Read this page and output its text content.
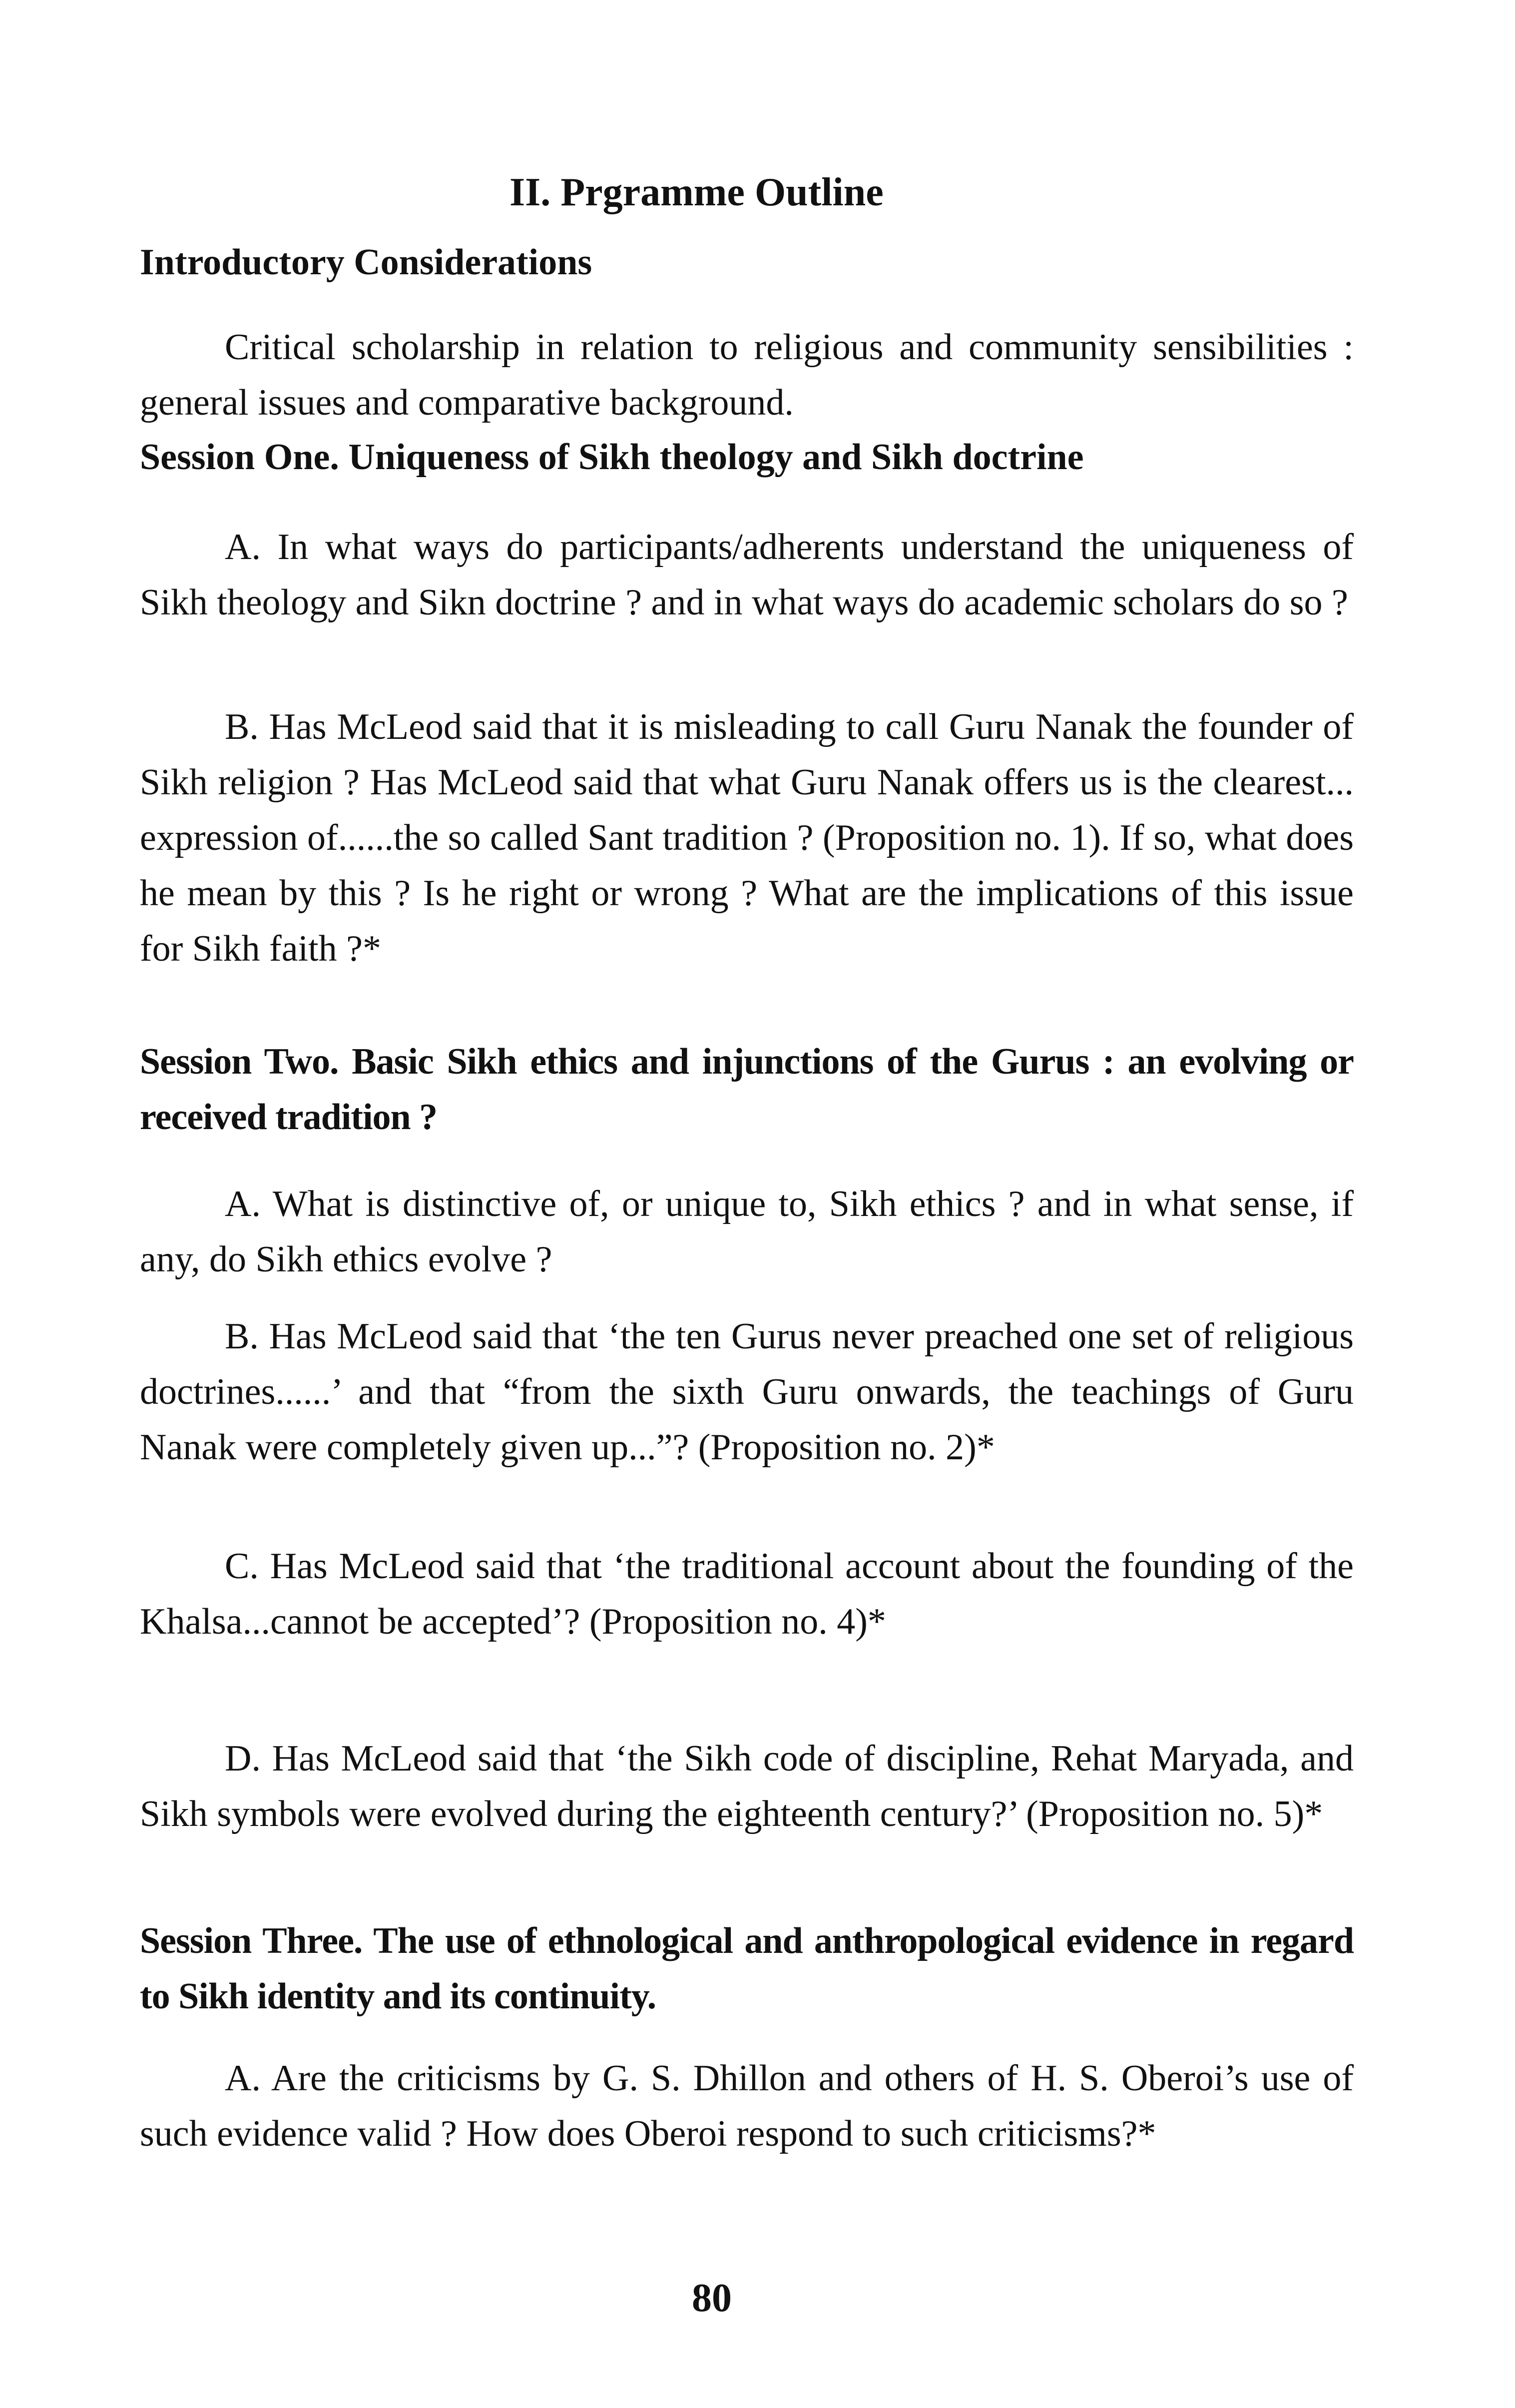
II. Prgramme Outline

Introductory Considerations

Critical scholarship in relation to religious and community sensibilities : general issues and comparative background.

Session One. Uniqueness of Sikh theology and Sikh doctrine

A. In what ways do participants/adherents understand the uniqueness of Sikh theology and Sikn doctrine ? and in what ways do academic scholars do so ?

B. Has McLeod said that it is misleading to call Guru Nanak the founder of Sikh religion ? Has McLeod said that what Guru Nanak offers us is the clearest... expression of......the so called Sant tradition ? (Proposition no. 1). If so, what does he mean by this ? Is he right or wrong ? What are the implications of this issue for Sikh faith ?*

Session Two. Basic Sikh ethics and injunctions of the Gurus : an evolving or received tradition ?

A. What is distinctive of, or unique to, Sikh ethics ? and in what sense, if any, do Sikh ethics evolve ?

B. Has McLeod said that ‘the ten Gurus never preached one set of religious doctrines......’ and that “from the sixth Guru onwards, the teachings of Guru Nanak were completely given up...”? (Proposition no. 2)*

C. Has McLeod said that ‘the traditional account about the founding of the Khalsa...cannot be accepted’? (Proposition no. 4)*

D. Has McLeod said that ‘the Sikh code of discipline, Rehat Maryada, and Sikh symbols were evolved during the eighteenth century?’ (Proposition no. 5)*

Session Three. The use of ethnological and anthropological evidence in regard to Sikh identity and its continuity.

A. Are the criticisms by G. S. Dhillon and others of H. S. Oberoi’s use of such evidence valid ? How does Oberoi respond to such criticisms?*

80
